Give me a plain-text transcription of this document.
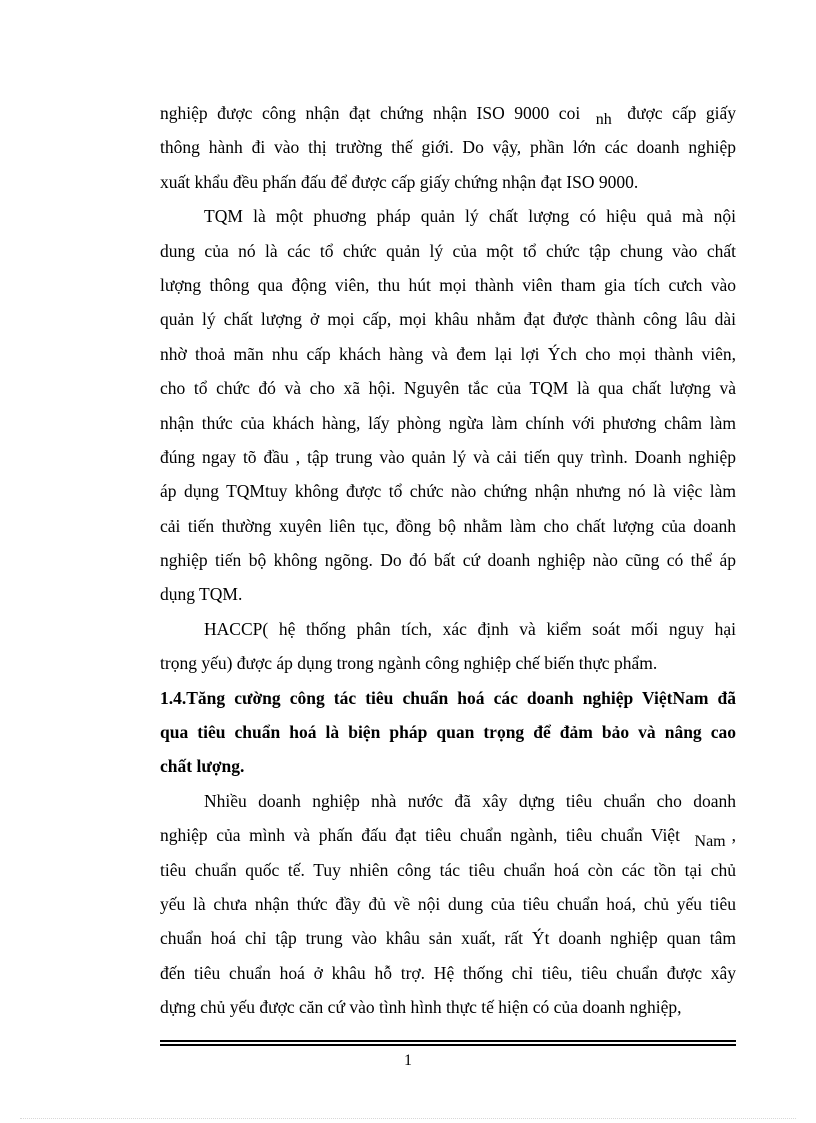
nghiệp được công nhận đạt chứng nhận ISO 9000 coi nh được cấp giấy
thông hành đi vào thị trường thế giới. Do vậy, phần lớn các doanh nghiệp
xuất khẩu đều phấn đấu để được cấp giấy chứng nhận đạt ISO 9000.
TQM là một phuơng pháp quản lý chất lượng có hiệu quả mà nội
dung của nó là các tổ chức quản lý của một tổ chức tập chung vào chất
lượng thông qua động viên, thu hút mọi thành viên tham gia tích cưch vào
quản lý chất lượng ở mọi cấp, mọi khâu nhằm đạt được thành công lâu dài
nhờ thoả mãn nhu cấp khách hàng và đem lại lợi Ých cho mọi thành viên,
cho tổ chức đó và cho xã hội. Nguyên tắc của TQM là qua chất lượng và
nhận thức của khách hàng, lấy phòng ngừa làm chính với phương châm làm
đúng ngay tõ đầu , tập trung vào quản lý và cải tiến quy trình. Doanh nghiệp
áp dụng TQMtuy không được tổ chức nào chứng nhận nhưng nó là việc làm
cải tiến thường xuyên liên tục, đồng bộ nhằm làm cho chất lượng của doanh
nghiệp tiến bộ không ngõng. Do đó bất cứ doanh nghiệp nào cũng có thể áp
dụng TQM.
HACCP( hệ thống phân tích, xác định và kiểm soát mối nguy hại
trọng yếu) được áp dụng trong ngành công nghiệp chế biến thực phẩm.
1.4.Tăng cường công tác tiêu chuẩn hoá các doanh nghiệp ViệtNam đã
qua tiêu chuẩn hoá là biện pháp quan trọng để đảm bảo và nâng cao
chất lượng.
Nhiều doanh nghiệp nhà nước đã xây dựng tiêu chuẩn cho doanh
nghiệp của mình và phấn đấu đạt tiêu chuẩn ngành, tiêu chuẩn Việt Nam ,
tiêu chuẩn quốc tế. Tuy nhiên công tác tiêu chuẩn hoá còn các tồn tại chủ
yếu là chưa nhận thức đầy đủ về nội dung của tiêu chuẩn hoá, chủ yếu tiêu
chuẩn hoá chỉ tập trung vào khâu sản xuất, rất Ýt doanh nghiệp quan tâm
đến tiêu chuẩn hoá ở khâu hỗ trợ. Hệ thống chỉ tiêu, tiêu chuẩn được xây
dựng chủ yếu được căn cứ vào tình hình thực tế hiện có của doanh nghiệp,
1
